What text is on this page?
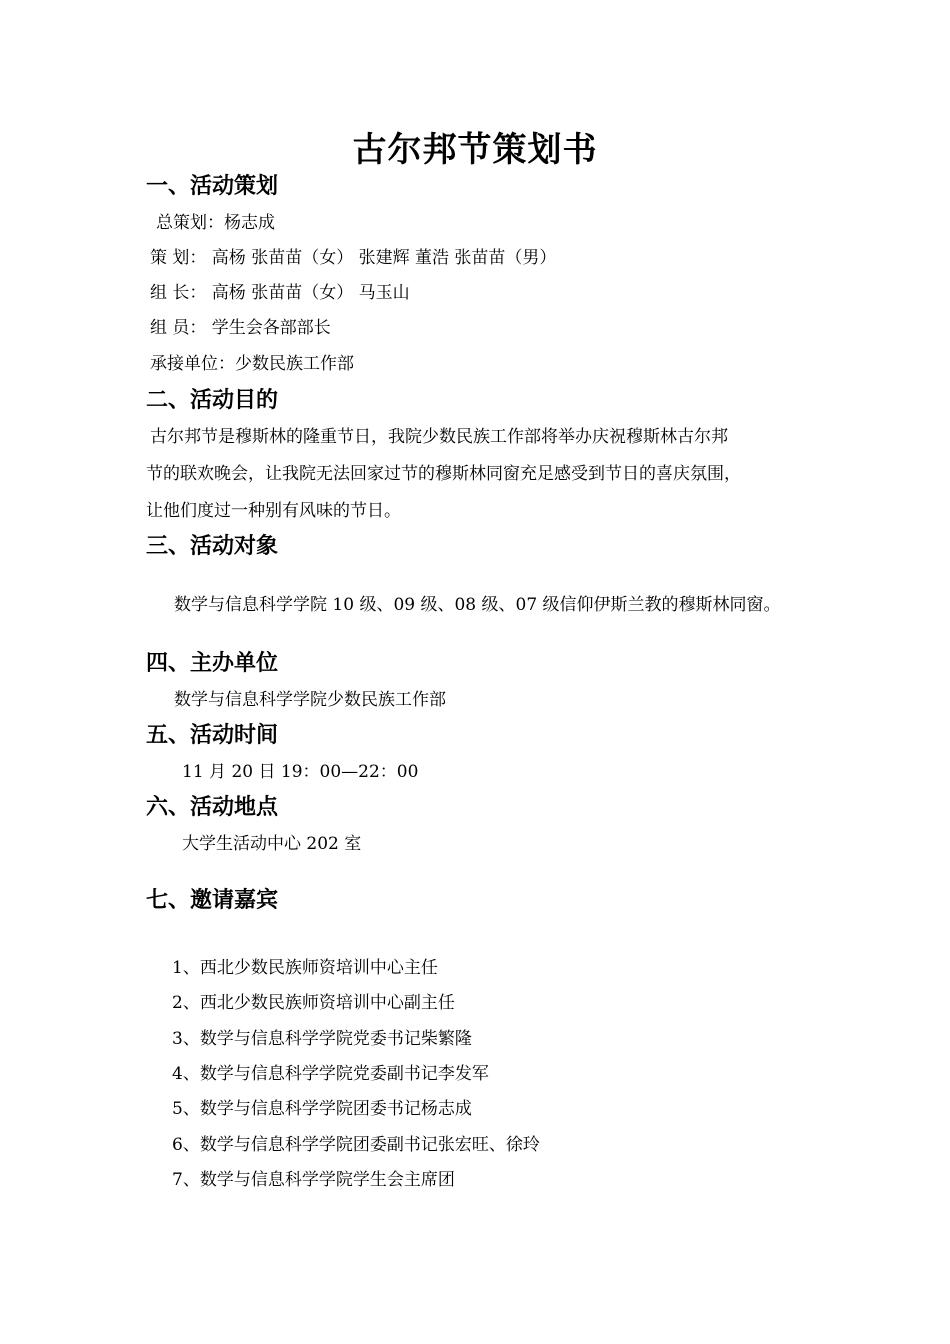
古尔邦节策划书
一、活动策划
总策划：杨志成
策 划： 高杨 张苗苗（女） 张建辉 董浩 张苗苗（男）
组 长： 高杨 张苗苗（女） 马玉山
组 员： 学生会各部部长
承接单位：少数民族工作部
二、活动目的
古尔邦节是穆斯林的隆重节日，我院少数民族工作部将举办庆祝穆斯林古尔邦
节的联欢晚会，让我院无法回家过节的穆斯林同窗充足感受到节日的喜庆氛围，
让他们度过一种别有风味的节日。
三、活动对象
数学与信息科学学院 10 级、09 级、08 级、07 级信仰伊斯兰教的穆斯林同窗。
四、主办单位
数学与信息科学学院少数民族工作部
五、活动时间
11 月 20 日 19：00—22：00
六、活动地点
大学生活动中心 202 室
七、邀请嘉宾
1、西北少数民族师资培训中心主任
2、西北少数民族师资培训中心副主任
3、数学与信息科学学院党委书记柴繁隆
4、数学与信息科学学院党委副书记李发军
5、数学与信息科学学院团委书记杨志成
6、数学与信息科学学院团委副书记张宏旺、徐玲
7、数学与信息科学学院学生会主席团
